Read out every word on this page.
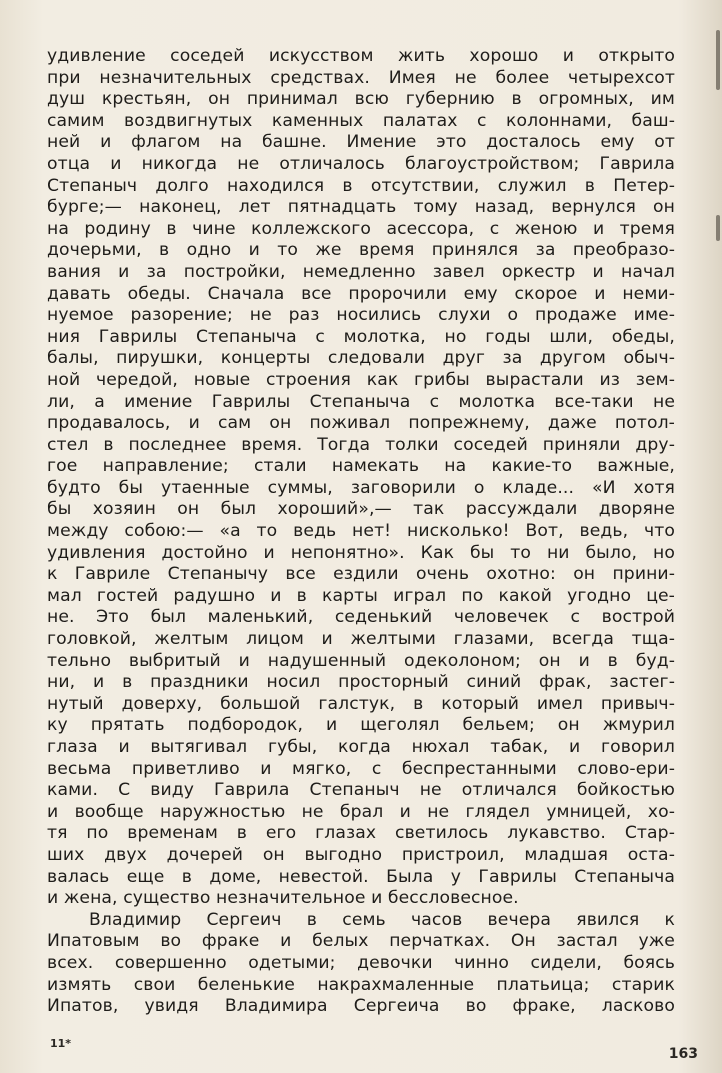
удивление соседей искусством жить хорошо и открыто
при незначительных средствах. Имея не более четырехсот
душ крестьян, он принимал всю губернию в огромных, им
самим воздвигнутых каменных палатах с колоннами, баш-
ней и флагом на башне. Имение это досталось ему от
отца и никогда не отличалось благоустройством; Гаврила
Степаныч долго находился в отсутствии, служил в Петер-
бурге;— наконец, лет пятнадцать тому назад, вернулся он
на родину в чине коллежского асессора, с женою и тремя
дочерьми, в одно и то же время принялся за преобразо-
вания и за постройки, немедленно завел оркестр и начал
давать обеды. Сначала все пророчили ему скорое и неми-
нуемое разорение; не раз носились слухи о продаже име-
ния Гаврилы Степаныча с молотка, но годы шли, обеды,
балы, пирушки, концерты следовали друг за другом обыч-
ной чередой, новые строения как грибы вырастали из зем-
ли, а имение Гаврилы Степаныча с молотка все-таки не
продавалось, и сам он поживал попрежнему, даже потол-
стел в последнее время. Тогда толки соседей приняли дру-
гое направление; стали намекать на какие-то важные,
будто бы утаенные суммы, заговорили о кладе... «И хотя
бы хозяин он был хороший»,— так рассуждали дворяне
между собою:— «а то ведь нет! нисколько! Вот, ведь, что
удивления достойно и непонятно». Как бы то ни было, но
к Гавриле Степанычу все ездили очень охотно: он прини-
мал гостей радушно и в карты играл по какой угодно це-
не. Это был маленький, седенький человечек с вострой
головкой, желтым лицом и желтыми глазами, всегда тща-
тельно выбритый и надушенный одеколоном; он и в буд-
ни, и в праздники носил просторный синий фрак, застег-
нутый доверху, большой галстук, в который имел привыч-
ку прятать подбородок, и щеголял бельем; он жмурил
глаза и вытягивал губы, когда нюхал табак, и говорил
весьма приветливо и мягко, с беспрестанными слово-ери-
ками. С виду Гаврила Степаныч не отличался бойкостью
и вообще наружностью не брал и не глядел умницей, хо-
тя по временам в его глазах светилось лукавство. Стар-
ших двух дочерей он выгодно пристроил, младшая оста-
валась еще в доме, невестой. Была у Гаврилы Степаныча
и жена, существо незначительное и бессловесное.
Владимир Сергеич в семь часов вечера явился к
Ипатовым во фраке и белых перчатках. Он застал уже
всех. совершенно одетыми; девочки чинно сидели, боясь
измять свои беленькие накрахмаленные платьица; старик
Ипатов, увидя Владимира Сергеича во фраке, ласково
11*
163
